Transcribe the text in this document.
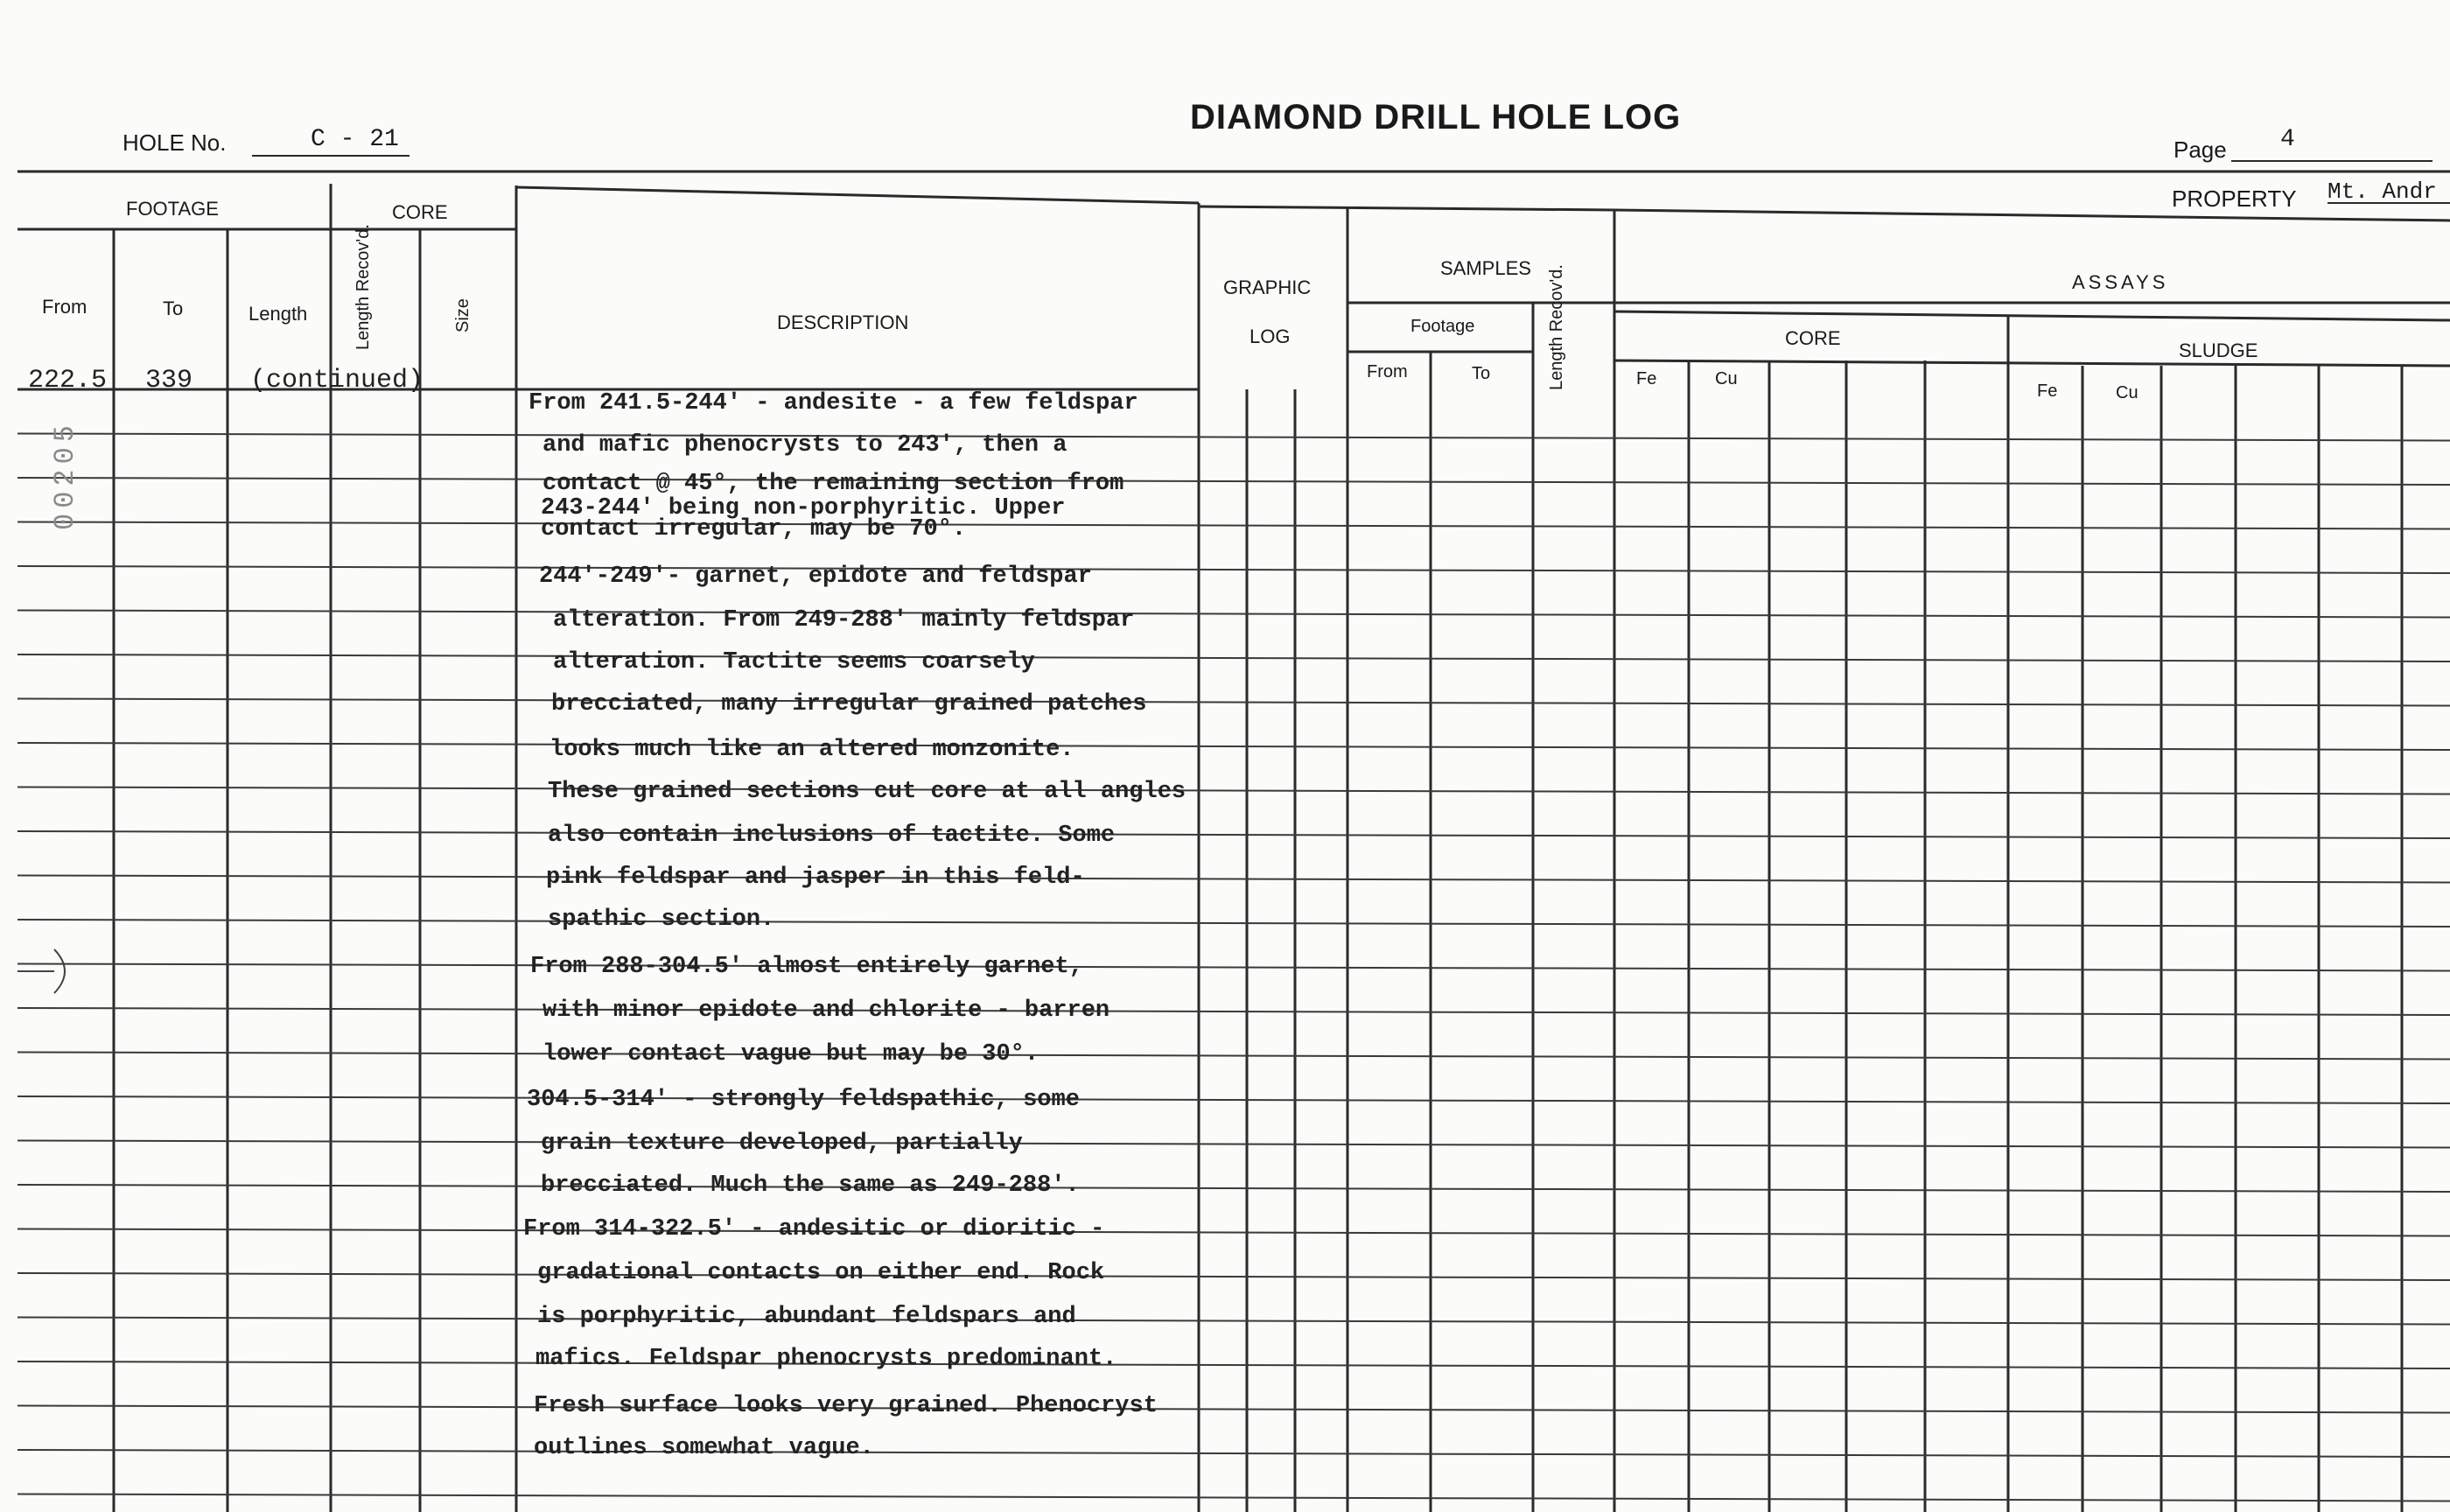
DIAMOND DRILL HOLE LOG
HOLE No.	C - 21	Page 4
PROPERTY Mt. Andr
FOOTAGE	CORE
From	To	Length	Length Recov'd.	Size	DESCRIPTION
GRAPHIC
LOG
SAMPLES
Footage
From	To	Length Recov'd.	ASSAYS
CORE
SLUDGE
Fe	Cu
Fe	Cu
222.5 339 (continued)
00205
From 241.5-244' - andesite - a few feldspar
and mafic phenocrysts to 243', then a
contact @ 45°, the remaining section from
243-244' being non-porphyritic. Upper
contact irregular, may be 70°.
244'-249'- garnet, epidote and feldspar
alteration. From 249-288' mainly feldspar
alteration. Tactite seems coarsely
brecciated, many irregular grained patches
looks much like an altered monzonite.
These grained sections cut core at all angles
also contain inclusions of tactite. Some
pink feldspar and jasper in this feld-
spathic section.
From 288-304.5' almost entirely garnet,
with minor epidote and chlorite - barren
lower contact vague but may be 30°.
304.5-314' - strongly feldspathic, some
grain texture developed, partially
brecciated. Much the same as 249-288'.
From 314-322.5' - andesitic or dioritic -
gradational contacts on either end. Rock
is porphyritic, abundant feldspars and
mafics. Feldspar phenocrysts predominant.
Fresh surface looks very grained. Phenocryst
outlines somewhat vague.
